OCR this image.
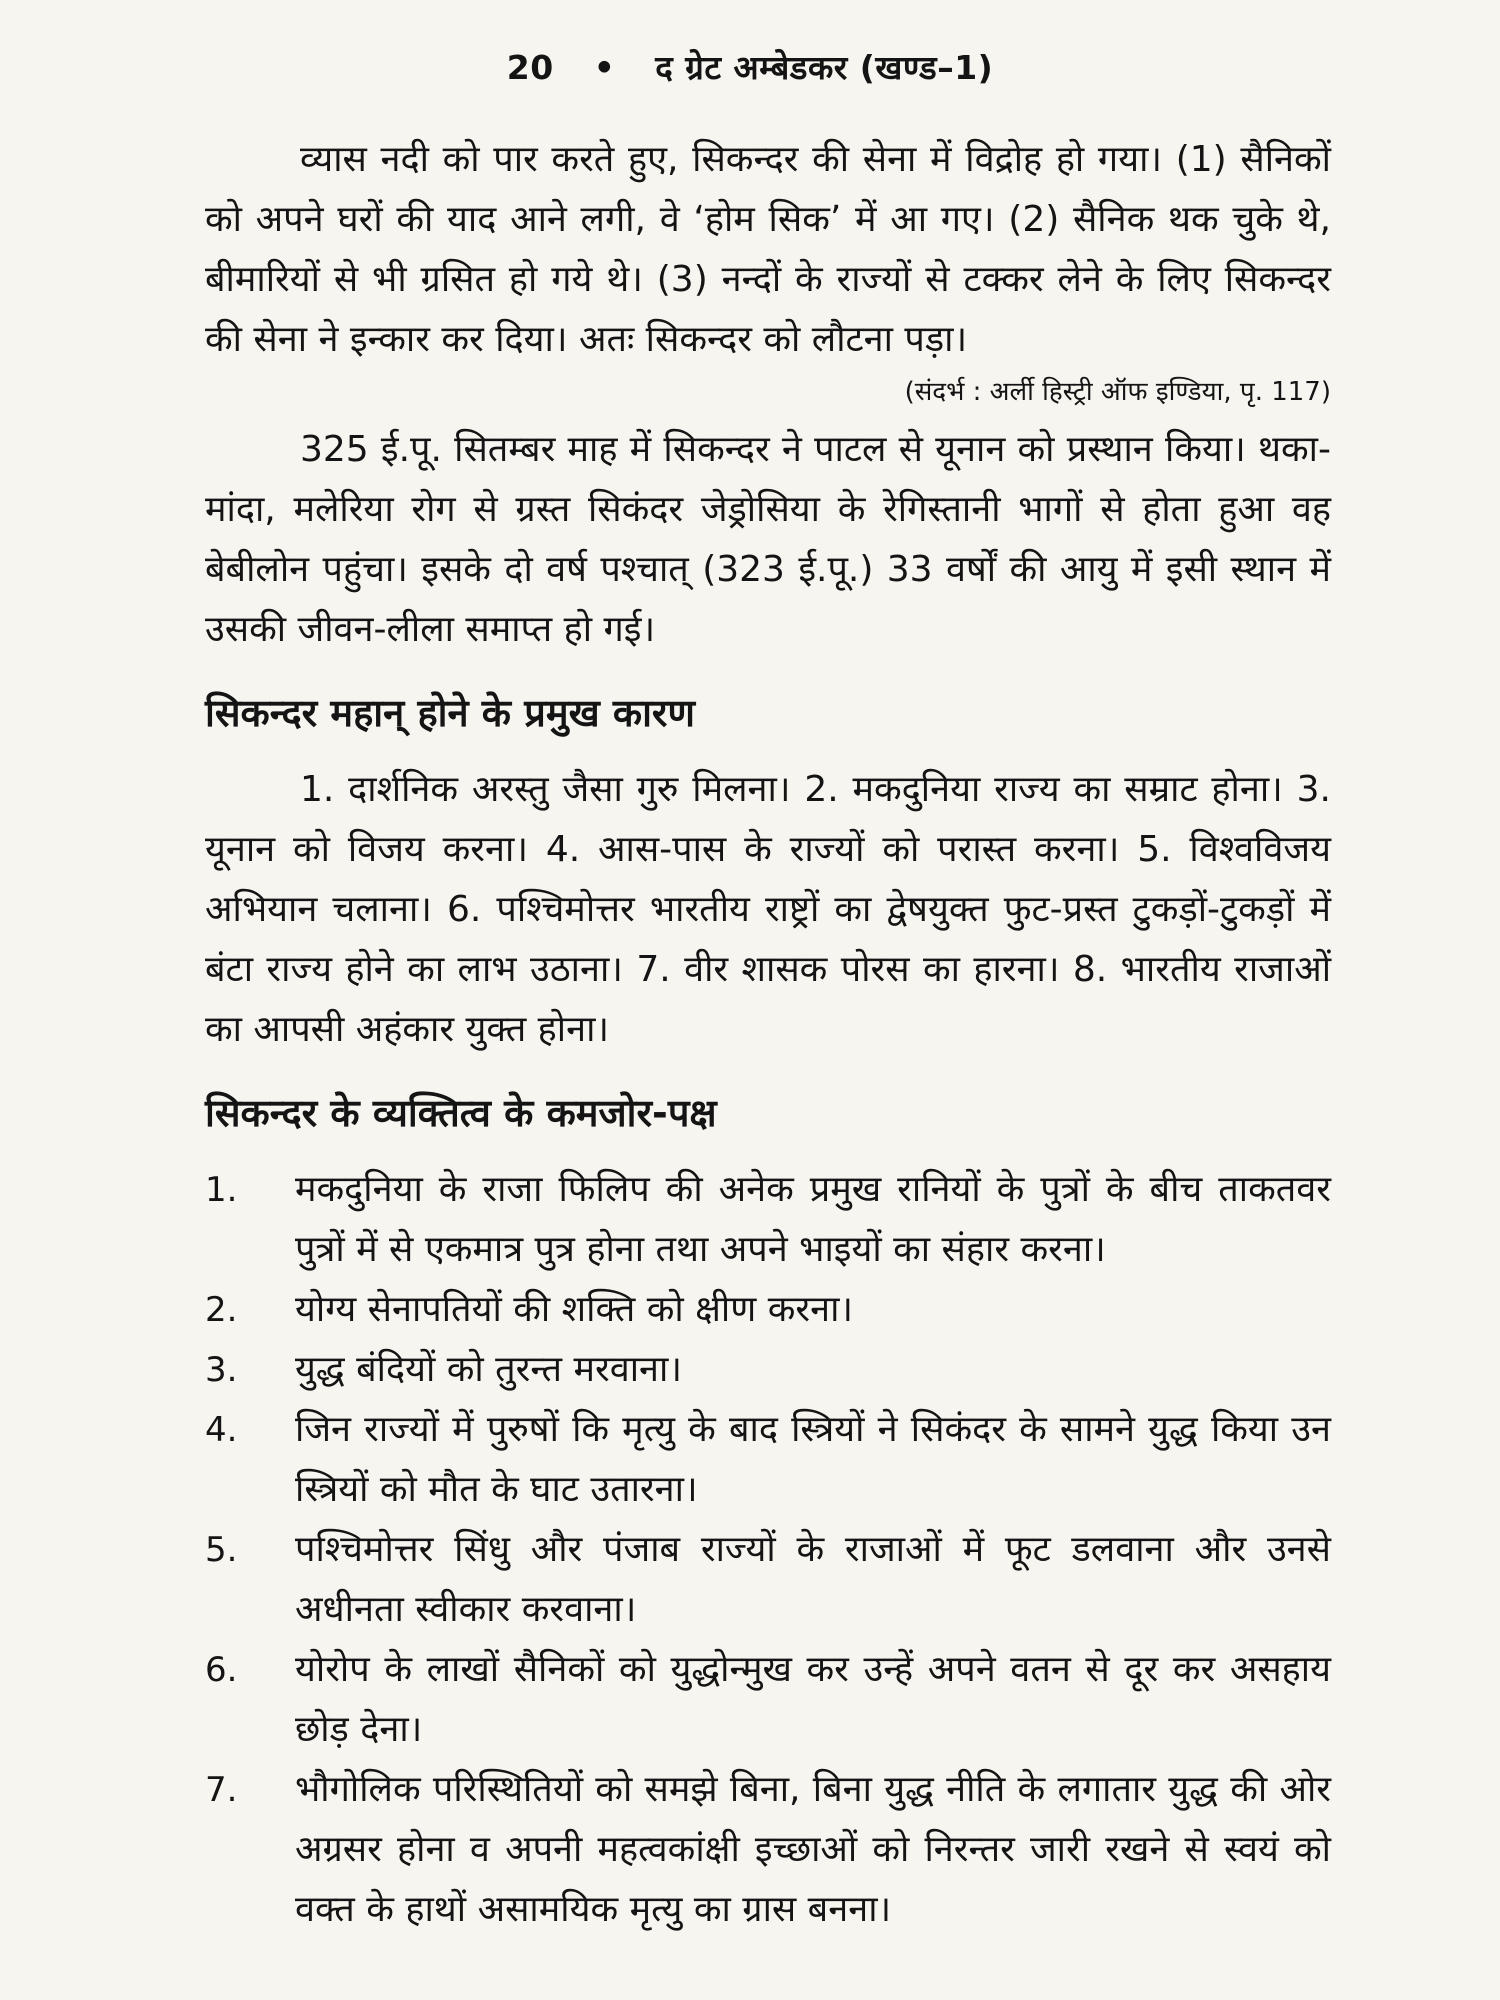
20 • द ग्रेट अम्बेडकर (खण्ड–1)

व्यास नदी को पार करते हुए, सिकन्दर की सेना में विद्रोह हो गया। (1) सैनिकों को अपने घरों की याद आने लगी, वे ‘होम सिक’ में आ गए। (2) सैनिक थक चुके थे, बीमारियों से भी ग्रसित हो गये थे। (3) नन्दों के राज्यों से टक्कर लेने के लिए सिकन्दर की सेना ने इन्कार कर दिया। अतः सिकन्दर को लौटना पड़ा।

(संदर्भ : अर्ली हिस्ट्री ऑफ इण्डिया, पृ. 117)

325 ई.पू. सितम्बर माह में सिकन्दर ने पाटल से यूनान को प्रस्थान किया। थका-मांदा, मलेरिया रोग से ग्रस्त सिकंदर जेड्रोसिया के रेगिस्तानी भागों से होता हुआ वह बेबीलोन पहुंचा। इसके दो वर्ष पश्चात् (323 ई.पू.) 33 वर्षों की आयु में इसी स्थान में उसकी जीवन-लीला समाप्त हो गई।

सिकन्दर महान् होने के प्रमुख कारण

1. दार्शनिक अरस्तु जैसा गुरु मिलना। 2. मकदुनिया राज्य का सम्राट होना। 3. यूनान को विजय करना। 4. आस-पास के राज्यों को परास्त करना। 5. विश्वविजय अभियान चलाना। 6. पश्चिमोत्तर भारतीय राष्ट्रों का द्वेषयुक्त फुट-प्रस्त टुकड़ों-टुकड़ों में बंटा राज्य होने का लाभ उठाना। 7. वीर शासक पोरस का हारना। 8. भारतीय राजाओं का आपसी अहंकार युक्त होना।

सिकन्दर के व्यक्तित्व के कमजोर-पक्ष
1.	मकदुनिया के राजा फिलिप की अनेक प्रमुख रानियों के पुत्रों के बीच ताकतवर पुत्रों में से एकमात्र पुत्र होना तथा अपने भाइयों का संहार करना।
2.	योग्य सेनापतियों की शक्ति को क्षीण करना।
3.	युद्ध बंदियों को तुरन्त मरवाना।
4.	जिन राज्यों में पुरुषों कि मृत्यु के बाद स्त्रियों ने सिकंदर के सामने युद्ध किया उन स्त्रियों को मौत के घाट उतारना।
5.	पश्चिमोत्तर सिंधु और पंजाब राज्यों के राजाओं में फूट डलवाना और उनसे अधीनता स्वीकार करवाना।
6.	योरोप के लाखों सैनिकों को युद्धोन्मुख कर उन्हें अपने वतन से दूर कर असहाय छोड़ देना।
7.	भौगोलिक परिस्थितियों को समझे बिना, बिना युद्ध नीति के लगातार युद्ध की ओर अग्रसर होना व अपनी महत्वकांक्षी इच्छाओं को निरन्तर जारी रखने से स्वयं को वक्त के हाथों असामयिक मृत्यु का ग्रास बनना।
